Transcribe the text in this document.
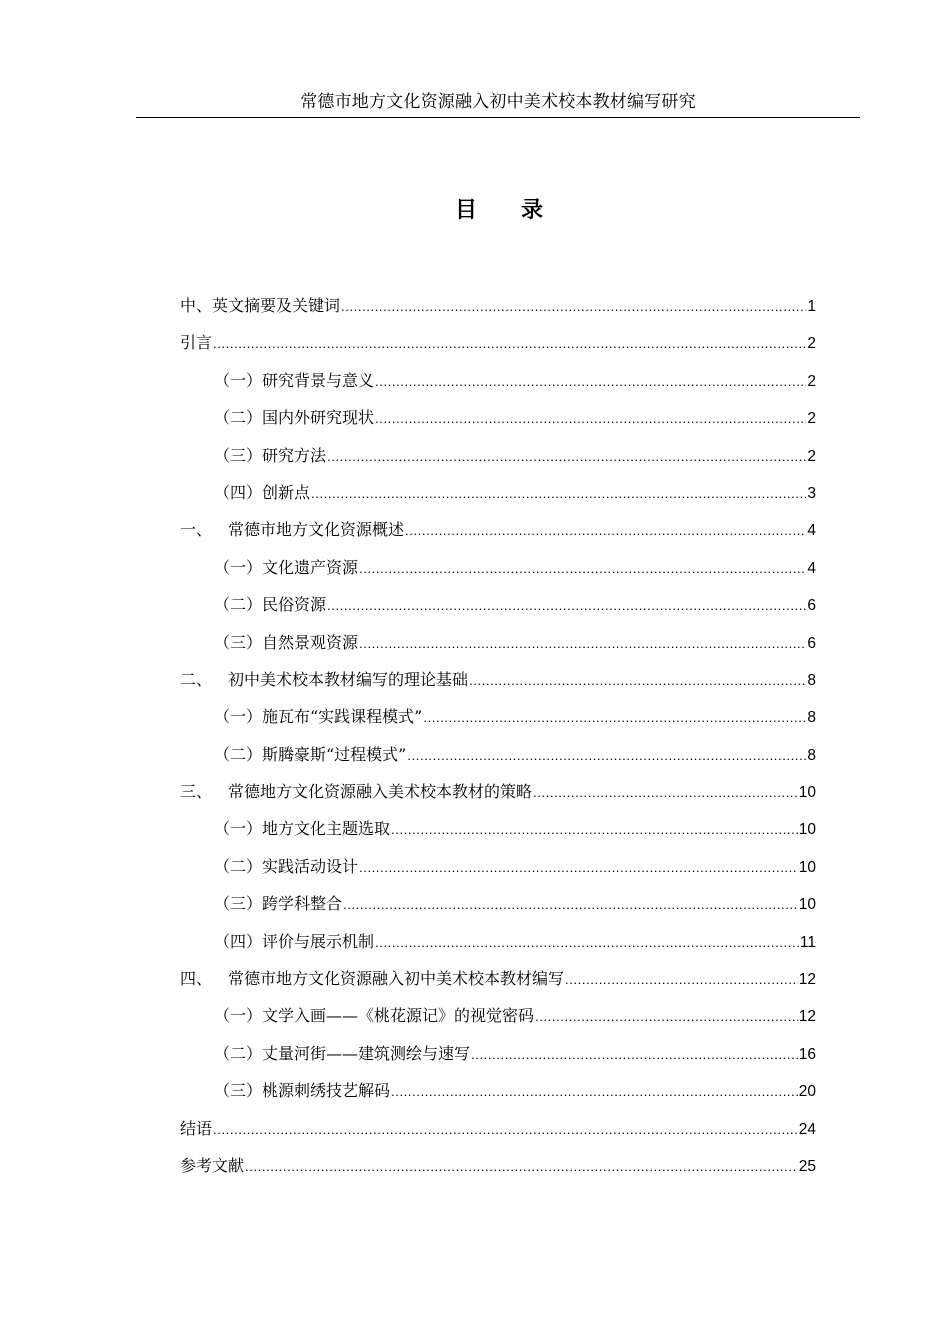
常德市地方文化资源融入初中美术校本教材编写研究
目 录
中、英文摘要及关键词 .....	1
引言 .....	2
（一）研究背景与意义 .....	2
（二）国内外研究现状 .....	2
（三）研究方法 .....	2
（四）创新点 .....	3
一、 常德市地方文化资源概述 .....	4
（一）文化遗产资源 .....	4
（二）民俗资源 .....	6
（三）自然景观资源 .....	6
二、 初中美术校本教材编写的理论基础 .....	8
（一）施瓦布“实践课程模式” .....	8
（二）斯腾豪斯“过程模式” .....	8
三、 常德地方文化资源融入美术校本教材的策略 .....	10
（一）地方文化主题选取 .....	10
（二）实践活动设计 .....	10
（三）跨学科整合 .....	10
（四）评价与展示机制 .....	11
四、 常德市地方文化资源融入初中美术校本教材编写 .....	12
（一）文学入画——《桃花源记》的视觉密码 .....	12
（二）丈量河街——建筑测绘与速写 .....	16
（三）桃源刺绣技艺解码 .....	20
结语 .....	24
参考文献 .....	25
